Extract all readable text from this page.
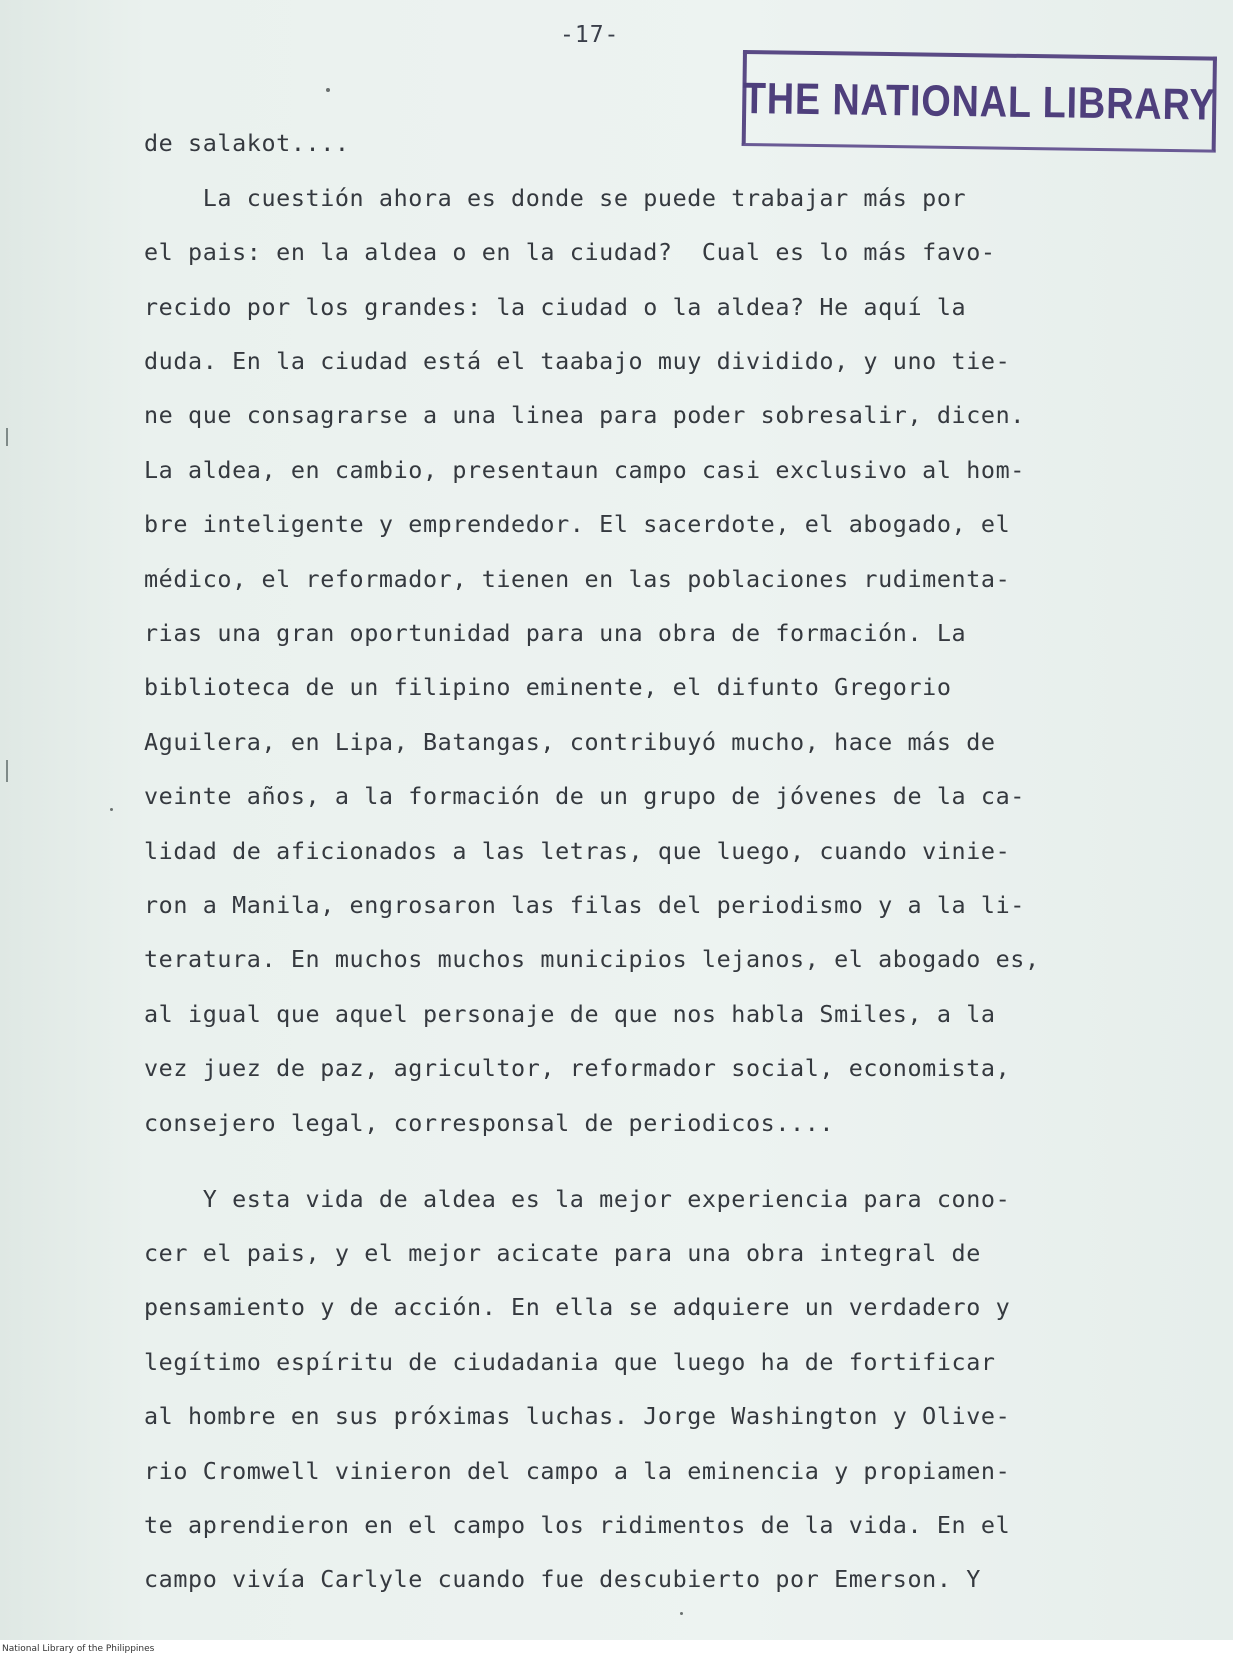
-17-
THE NATIONAL LIBRARY
de salakot....
La cuestión ahora es donde se puede trabajar más por
el pais: en la aldea o en la ciudad?  Cual es lo más favo-
recido por los grandes: la ciudad o la aldea? He aquí la
duda. En la ciudad está el taabajo muy dividido, y uno tie-
ne que consagrarse a una linea para poder sobresalir, dicen.
La aldea, en cambio, presentaun campo casi exclusivo al hom-
bre inteligente y emprendedor. El sacerdote, el abogado, el
médico, el reformador, tienen en las poblaciones rudimenta-
rias una gran oportunidad para una obra de formación. La
biblioteca de un filipino eminente, el difunto Gregorio
Aguilera, en Lipa, Batangas, contribuyó mucho, hace más de
veinte años, a la formación de un grupo de jóvenes de la ca-
lidad de aficionados a las letras, que luego, cuando vinie-
ron a Manila, engrosaron las filas del periodismo y a la li-
teratura. En muchos muchos municipios lejanos, el abogado es,
al igual que aquel personaje de que nos habla Smiles, a la
vez juez de paz, agricultor, reformador social, economista,
consejero legal, corresponsal de periodicos....
Y esta vida de aldea es la mejor experiencia para cono-
cer el pais, y el mejor acicate para una obra integral de
pensamiento y de acción. En ella se adquiere un verdadero y
legítimo espíritu de ciudadania que luego ha de fortificar
al hombre en sus próximas luchas. Jorge Washington y Olive-
rio Cromwell vinieron del campo a la eminencia y propiamen-
te aprendieron en el campo los ridimentos de la vida. En el
campo vivía Carlyle cuando fue descubierto por Emerson. Y
National Library of the Philippines
